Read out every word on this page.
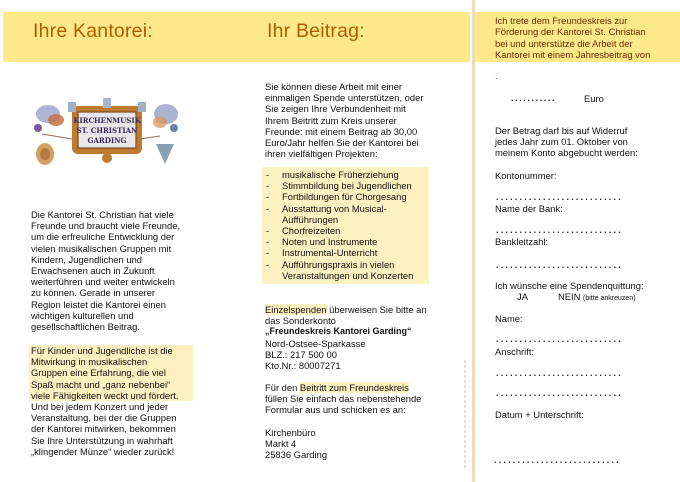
Ihre Kantorei:
KIRCHENMUSIK
ST. CHRISTIAN
GARDING
Die Kantorei St. Christian hat viele
Freunde und braucht viele Freunde,
um die erfreuliche Entwicklung der
vielen musikalischen Gruppen mit
Kindern, Jugendlichen und
Erwachsenen auch in Zukunft
weiterführen und weiter entwickeln
zu können. Gerade in unserer
Region leistet die Kantorei einen
wichtigen kulturellen und
gesellschaftlichen Beitrag.
Für Kinder und Jugendliche ist die
Mitwirkung in musikalischen
Gruppen eine Erfahrung, die viel
Spaß macht und „ganz nebenbei“
viele Fähigkeiten weckt und fördert.
Und bei jedem Konzert und jeder
Veranstaltung, bei der die Gruppen
der Kantorei mitwirken, bekommen
Sie Ihre Unterstützung in wahrhaft
„klingender Münze“ wieder zurück!
Ihr Beitrag:
Sie können diese Arbeit mit einer
einmaligen Spende unterstützen, oder
Sie zeigen Ihre Verbundenheit mit
Ihrem Beitritt zum Kreis unserer
Freunde: mit einem Beitrag ab 30,00
Euro/Jahr helfen Sie der Kantorei bei
ihren vielfältigen Projekten:
-	musikalische Früherziehung
-	Stimmbildung bei Jugendlichen
-	Fortbildungen für Chorgesang
-	Ausstattung von Musical-
Aufführungen
-	Chorfreizeiten
-	Noten und Instrumente
-	Instrumental-Unterricht
-	Aufführungspraxis in vielen
Veranstaltungen und Konzerten
Einzelspenden überweisen Sie bitte an
das Sonderkonto
„Freundeskreis Kantorei Garding“
Nord-Ostsee-Sparkasse
BLZ.: 217 500 00
Kto.Nr.: 80007271
Für den Beitritt zum Freundeskreis
füllen Sie einfach das nebenstehende
Formular aus und schicken es an:
Kirchenbüro
Markt 4
25836 Garding
Ich trete dem Freundeskreis zur
Förderung der Kantorei St. Christian
bei und unterstütze die Arbeit der
Kantorei mit einem Jahresbeitrag von
.
...........	Euro
Der Betrag darf bis auf Widerruf
jedes Jahr zum 01. Oktober von
meinem Konto abgebucht werden:
Kontonummer:
...........................
Name der Bank:
...........................
Bankleitzahl:
...........................
Ich wünsche eine Spendenquittung:
JA	NEIN (bitte ankreuzen)
Name:
...........................
Anschrift:
...........................
...........................
Datum + Unterschrift:
...........................
